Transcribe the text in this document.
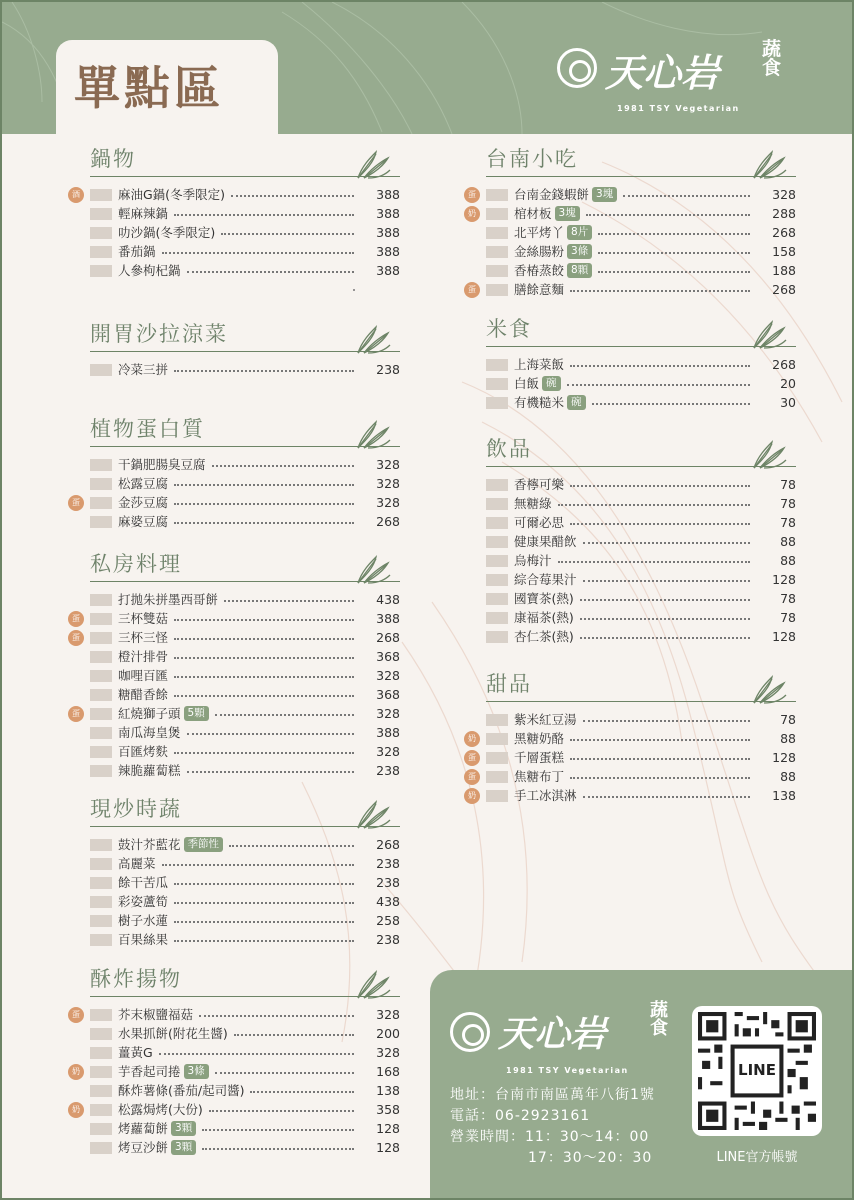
天心岩
蔬食
1981 TSY Vegetarian
單點區
鍋物
酒	麻油G鍋(冬季限定)	388
輕麻辣鍋	388
叻沙鍋(冬季限定)	388
番茄鍋	388
人參枸杞鍋	388
開胃沙拉涼菜
冷菜三拼	238
植物蛋白質
干鍋肥腸臭豆腐	328
松露豆腐	328
蛋	金莎豆腐	328
麻婆豆腐	268
私房料理
打拋朱拼墨西哥餅	438
蛋	三杯雙菇	388
蛋	三杯三怪	268
橙汁排骨	368
咖哩百匯	328
糖醋香餘	368
蛋	紅燒獅子頭 5顆	328
南瓜海皇煲	388
百匯烤麩	328
辣脆蘿蔔糕	238
現炒時蔬
鼓汁芥藍花 季節性	268
高麗菜	238
餘干苦瓜	238
彩姿蘆筍	438
樹子水蓮	258
百果絲果	238
酥炸揚物
蛋	芥末椒鹽福菇	328
水果抓餅(附花生醬)	200
薑黃G	328
奶	芋香起司捲 3條	168
酥炸薯條(番茄/起司醬)	138
奶	松露焗烤(大份)	358
烤蘿蔔餅 3顆	128
烤豆沙餅 3顆	128
台南小吃
蛋	台南金錢蝦餅 3塊	328
奶	棺材板 3塊	288
北平烤丫 8片	268
金絲腸粉 3條	158
香椿蒸餃 8顆	188
蛋	膳餘意麵	268
米食
上海菜飯	268
白飯 碗	20
有機糙米 碗	30
飲品
香檸可樂	78
無糖綠	78
可爾必思	78
健康果醋飲	88
烏梅汁	88
綜合莓果汁	128
國寶茶(熱)	78
康福茶(熱)	78
杏仁茶(熱)	128
甜品
紫米紅豆湯	78
奶	黑糖奶酪	88
蛋	千層蛋糕	128
蛋	焦糖布丁	88
奶	手工冰淇淋	138
天心岩
蔬食
1981 TSY Vegetarian
地址：台南市南區萬年八街1號
電話：06-2923161
營業時間：11：30～14：00
17：30～20：30
LINE
LINE官方帳號
